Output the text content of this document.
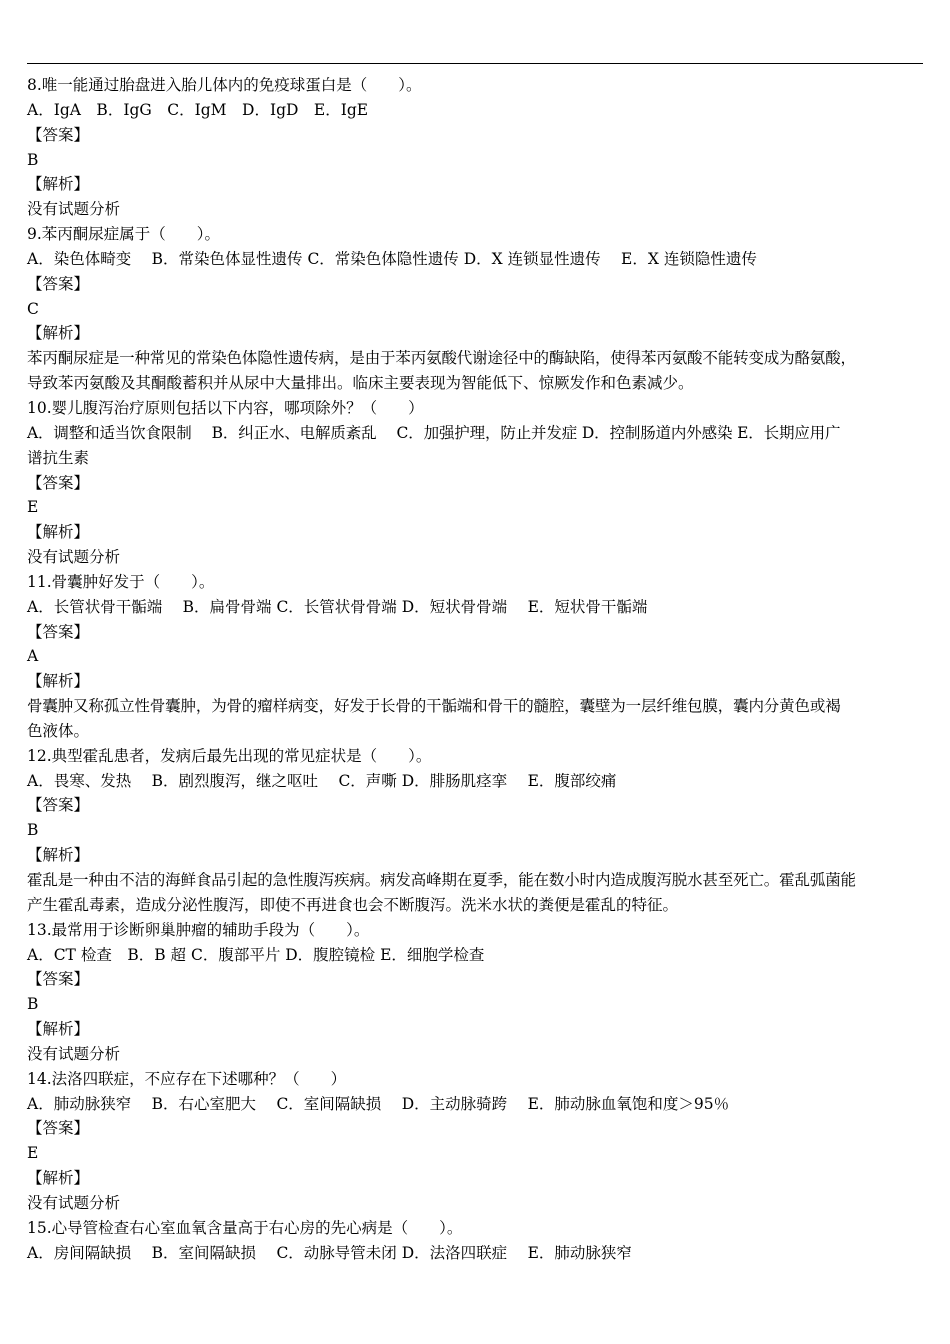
8.唯一能通过胎盘进入胎儿体内的免疫球蛋白是（　　）。
A．IgA　B．IgG　C．IgM　D．IgD　E．IgE
【答案】
B
【解析】
没有试题分析
9.苯丙酮尿症属于（　　）。
A．染色体畸变　 B．常染色体显性遗传 C．常染色体隐性遗传 D．X 连锁显性遗传　 E．X 连锁隐性遗传
【答案】
C
【解析】
苯丙酮尿症是一种常见的常染色体隐性遗传病，是由于苯丙氨酸代谢途径中的酶缺陷，使得苯丙氨酸不能转变成为酪氨酸，
导致苯丙氨酸及其酮酸蓄积并从尿中大量排出。临床主要表现为智能低下、惊厥发作和色素减少。
10.婴儿腹泻治疗原则包括以下内容，哪项除外？（　　）
A．调整和适当饮食限制　 B．纠正水、电解质紊乱　 C．加强护理，防止并发症 D．控制肠道内外感染 E．长期应用广
谱抗生素
【答案】
E
【解析】
没有试题分析
11.骨囊肿好发于（　　）。
A．长管状骨干骺端　 B．扁骨骨端 C．长管状骨骨端 D．短状骨骨端　 E．短状骨干骺端
【答案】
A
【解析】
骨囊肿又称孤立性骨囊肿，为骨的瘤样病变，好发于长骨的干骺端和骨干的髓腔，囊壁为一层纤维包膜，囊内分黄色或褐
色液体。
12.典型霍乱患者，发病后最先出现的常见症状是（　　）。
A．畏寒、发热　 B．剧烈腹泻，继之呕吐　 C．声嘶 D．腓肠肌痉挛　 E．腹部绞痛
【答案】
B
【解析】
霍乱是一种由不洁的海鲜食品引起的急性腹泻疾病。病发高峰期在夏季，能在数小时内造成腹泻脱水甚至死亡。霍乱弧菌能
产生霍乱毒素，造成分泌性腹泻，即使不再进食也会不断腹泻。洗米水状的粪便是霍乱的特征。
13.最常用于诊断卵巢肿瘤的辅助手段为（　　）。
A．CT 检查　B．B 超 C．腹部平片 D．腹腔镜检 E．细胞学检查
【答案】
B
【解析】
没有试题分析
14.法洛四联症，不应存在下述哪种？（　　）
A．肺动脉狭窄　 B．右心室肥大　 C．室间隔缺损　 D．主动脉骑跨　 E．肺动脉血氧饱和度＞95％
【答案】
E
【解析】
没有试题分析
15.心导管检查右心室血氧含量高于右心房的先心病是（　　）。
A．房间隔缺损　 B．室间隔缺损　 C．动脉导管未闭 D．法洛四联症　 E．肺动脉狭窄
